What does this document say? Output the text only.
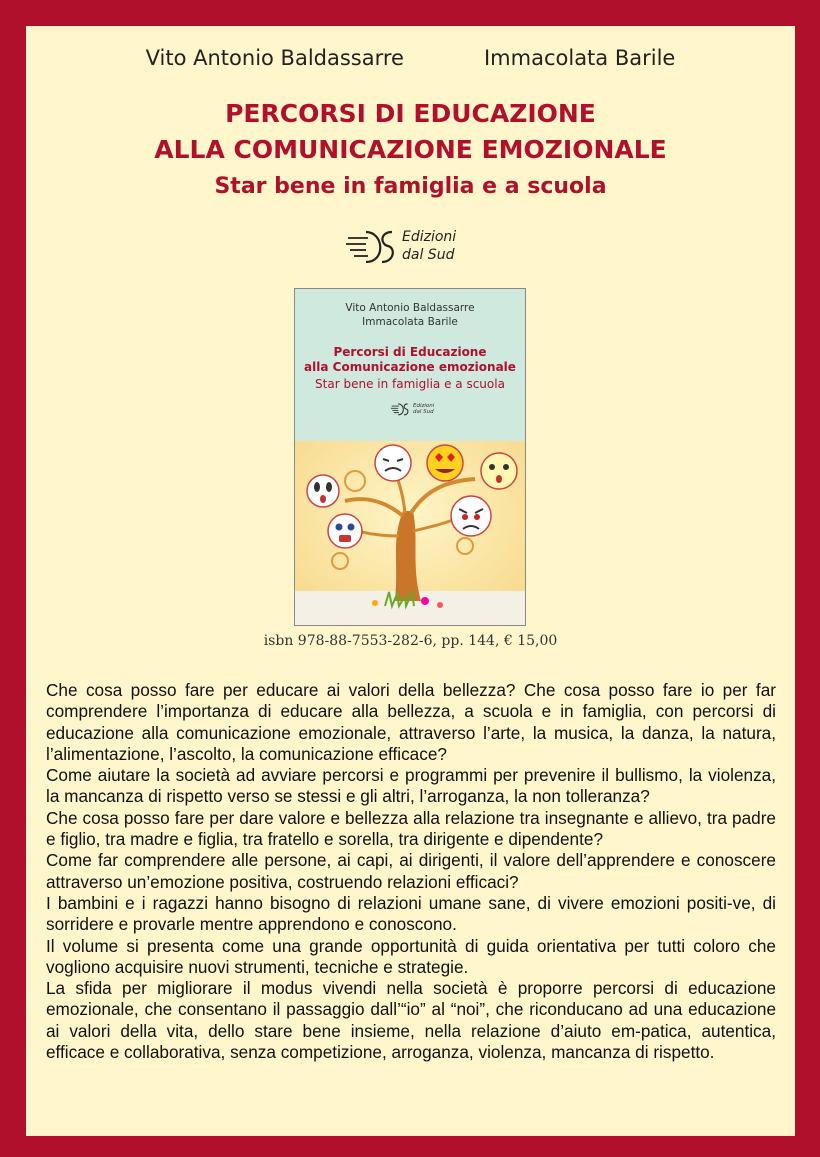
Vito Antonio Baldassarre	Immacolata Barile
PERCORSI DI EDUCAZIONE
ALLA COMUNICAZIONE EMOZIONALE
Star bene in famiglia e a scuola
Edizioni
dal Sud
Vito Antonio Baldassarre
Immacolata Barile
Percorsi di Educazione
alla Comunicazione emozionale
Star bene in famiglia e a scuola
Edizioni
dal Sud
isbn 978-88-7553-282-6, pp. 144, € 15,00

Che cosa posso fare per educare ai valori della bellezza? Che cosa posso fare io per far comprendere l’importanza di educare alla bellezza, a scuola e in famiglia, con percorsi di educazione alla comunicazione emozionale, attraverso l’arte, la musica, la danza, la natura, l’alimentazione, l’ascolto, la comunicazione efficace?

Come aiutare la società ad avviare percorsi e programmi per prevenire il bullismo, la violenza, la mancanza di rispetto verso se stessi e gli altri, l’arroganza, la non tolleranza?

Che cosa posso fare per dare valore e bellezza alla relazione tra insegnante e allievo, tra padre e figlio, tra madre e figlia, tra fratello e sorella, tra dirigente e dipendente?

Come far comprendere alle persone, ai capi, ai dirigenti, il valore dell’apprendere e conoscere attraverso un’emozione positiva, costruendo relazioni efficaci?

I bambini e i ragazzi hanno bisogno di relazioni umane sane, di vivere emozioni positi-ve, di sorridere e provarle mentre apprendono e conoscono.

Il volume si presenta come una grande opportunità di guida orientativa per tutti coloro che vogliono acquisire nuovi strumenti, tecniche e strategie.

La sfida per migliorare il modus vivendi nella società è proporre percorsi di educazione emozionale, che consentano il passaggio dall’“io” al “noi”, che riconducano ad una educazione ai valori della vita, dello stare bene insieme, nella relazione d’aiuto em-patica, autentica, efficace e collaborativa, senza competizione, arroganza, violenza, mancanza di rispetto.
